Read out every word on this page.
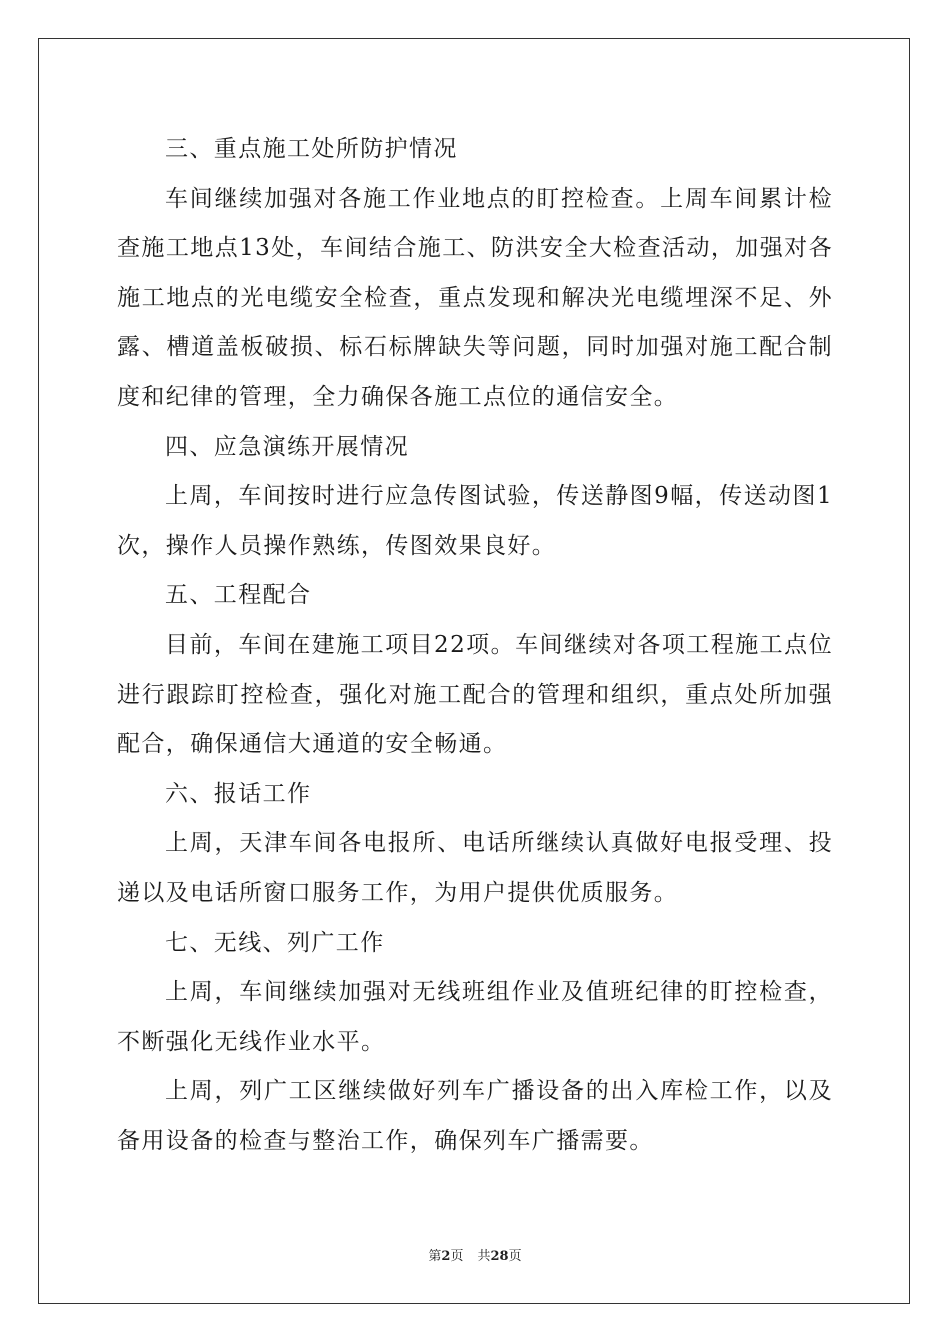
三、重点施工处所防护情况

车间继续加强对各施工作业地点的盯控检查。上周车间累计检查施工地点13处，车间结合施工、防洪安全大检查活动，加强对各施工地点的光电缆安全检查，重点发现和解决光电缆埋深不足、外露、槽道盖板破损、标石标牌缺失等问题，同时加强对施工配合制度和纪律的管理，全力确保各施工点位的通信安全。

四、应急演练开展情况

上周，车间按时进行应急传图试验，传送静图9幅，传送动图1次，操作人员操作熟练，传图效果良好。

五、工程配合

目前，车间在建施工项目22项。车间继续对各项工程施工点位进行跟踪盯控检查，强化对施工配合的管理和组织，重点处所加强配合，确保通信大通道的安全畅通。

六、报话工作

上周，天津车间各电报所、电话所继续认真做好电报受理、投递以及电话所窗口服务工作，为用户提供优质服务。

七、无线、列广工作

上周，车间继续加强对无线班组作业及值班纪律的盯控检查，不断强化无线作业水平。

上周，列广工区继续做好列车广播设备的出入库检工作，以及备用设备的检查与整治工作，确保列车广播需要。

第2页 共28页
